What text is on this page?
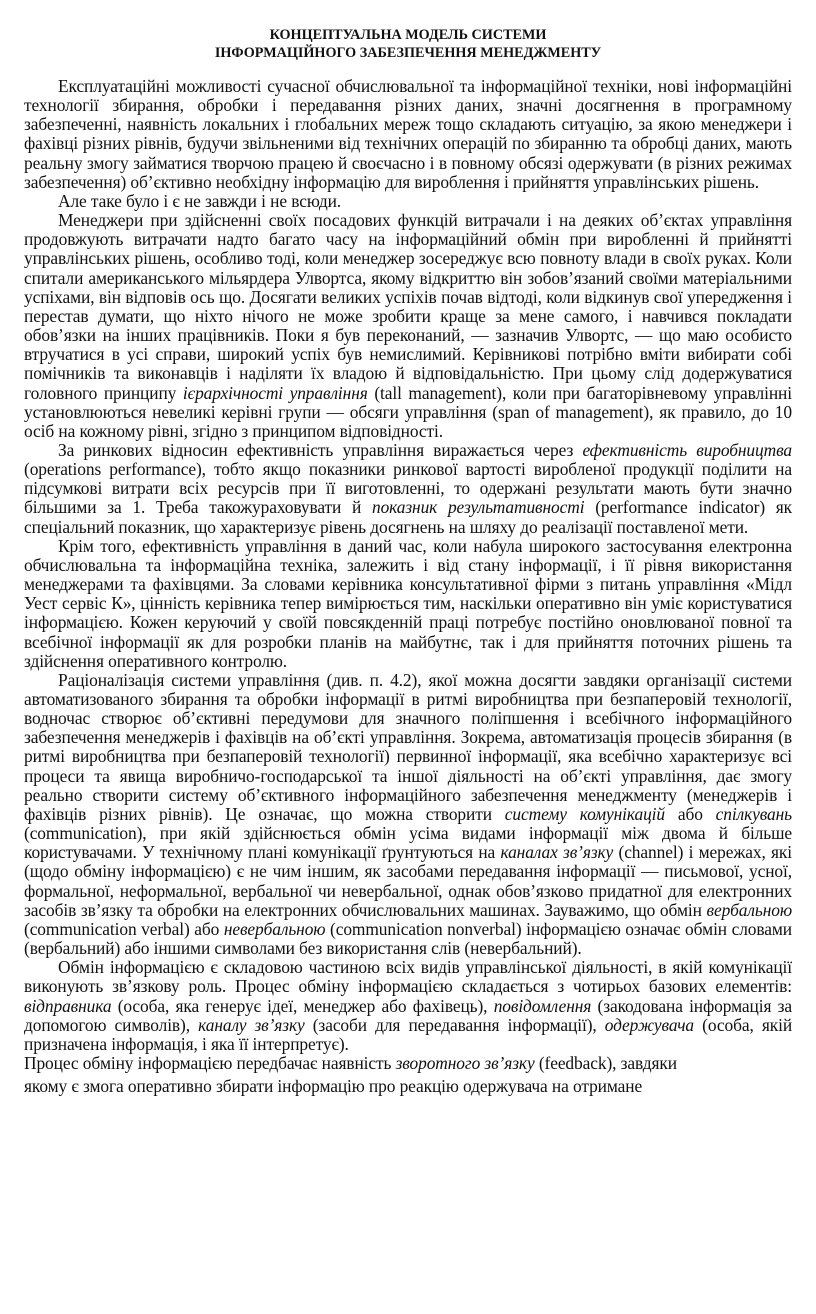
КОНЦЕПТУАЛЬНА МОДЕЛЬ СИСТЕМИ
ІНФОРМАЦІЙНОГО ЗАБЕЗПЕЧЕННЯ МЕНЕДЖМЕНТУ

Експлуатаційні можливості сучасної обчислювальної та інформаційної техніки, нові інформаційні технології збирання, обробки і передавання різних даних, значні досягнення в програмному забезпеченні, наявність локальних і глобальних мереж тощо складають ситуацію, за якою менеджери і фахівці різних рівнів, будучи звільненими від технічних операцій по збиранню та обробці даних, мають реальну змогу займатися творчою працею й своєчасно і в повному обсязі одержувати (в різних режимах забезпечення) об’єктивно необхідну інформацію для вироблення і прийняття управлінських рішень.

Але таке було і є не завжди і не всюди.

Менеджери при здійсненні своїх посадових функцій витрачали і на деяких об’єктах управління продовжують витрачати надто багато часу на інформаційний обмін при виробленні й прийнятті управлінських рішень, особливо тоді, коли менеджер зосереджує всю повноту влади в своїх руках. Коли спитали американського мільярдера Улвортса, якому відкриттю він зобов’язаний своїми матеріальними успіхами, він відповів ось що. Досягати великих успіхів почав відтоді, коли відкинув свої упередження і перестав думати, що ніхто нічого не може зробити краще за мене самого, і навчився покладати обов’язки на інших працівників. Поки я був переконаний, — зазначив Улвортс, — що маю особисто втручатися в усі справи, широкий успіх був немислимий. Керівникові потрібно вміти вибирати собі помічників та виконавців і наділяти їх владою й відповідальністю. При цьому слід додержуватися головного принципу ієрархічності управління (tall management), коли при багаторівневому управлінні установлюються невеликі керівні групи — обсяги управління (span of management), як правило, до 10 осіб на кожному рівні, згідно з принципом відповідності.

За ринкових відносин ефективність управління виражається через ефективність виробництва (operations performance), тобто якщо показники ринкової вартості виробленої продукції поділити на підсумкові витрати всіх ресурсів при її виготовленні, то одержані результати мають бути значно більшими за 1. Треба такожураховувати й показник результативності (performance indicator) як спеціальний показник, що характеризує рівень досягнень на шляху до реалізації поставленої мети.

Крім того, ефективність управління в даний час, коли набула широкого застосування електронна обчислювальна та інформаційна техніка, залежить і від стану інформації, і її рівня використання менеджерами та фахівцями. За словами керівника консультативної фірми з питань управління «Мідл Уест сервіс К», цінність керівника тепер вимірюється тим, наскільки оперативно він уміє користуватися інформацією. Кожен керуючий у своїй повсякденній праці потребує постійно оновлюваної повної та всебічної інформації як для розробки планів на майбутнє, так і для прийняття поточних рішень та здійснення оперативного контролю.

Раціоналізація системи управління (див. п. 4.2), якої можна досягти завдяки організації системи автоматизованого збирання та обробки інформації в ритмі виробництва при безпаперовій технології, водночас створює об’єктивні передумови для значного поліпшення і всебічного інформаційного забезпечення менеджерів і фахівців на об’єкті управління. Зокрема, автоматизація процесів збирання (в ритмі виробництва при безпаперовій технології) первинної інформації, яка всебічно характеризує всі процеси та явища виробничо-господарської та іншої діяльності на об’єкті управління, дає змогу реально створити систему об’єктивного інформаційного забезпечення менеджменту (менеджерів і фахівців різних рівнів). Це означає, що можна створити систему комунікацій або спілкувань (communication), при якій здійснюється обмін усіма видами інформації між двома й більше користувачами. У технічному плані комунікації ґрунтуються на каналах зв’язку (channel) і мережах, які (щодо обміну інформацією) є не чим іншим, як засобами передавання інформації — письмової, усної, формальної, неформальної, вербальної чи невербальної, однак обов’язково придатної для електронних засобів зв’язку та обробки на електронних обчислювальних машинах. Зауважимо, що обмін вербальною (communication verbal) або невербальною (communication nonverbal) інформацією означає обмін словами (вербальний) або іншими символами без використання слів (невербальний).

Обмін інформацією є складовою частиною всіх видів управлінської діяльності, в якій комунікації виконують зв’язкову роль. Процес обміну інформацією складається з чотирьох базових елементів: відправника (особа, яка генерує ідеї, менеджер або фахівець), повідомлення (закодована інформація за допомогою символів), каналу зв’язку (засоби для передавання інформації), одержувача (особа, якій призначена інформація, і яка її інтерпретує).

Процес обміну інформацією передбачає наявність зворотного зв’язку (feedback), завдяки

якому є змога оперативно збирати інформацію про реакцію одержувача на отримане
